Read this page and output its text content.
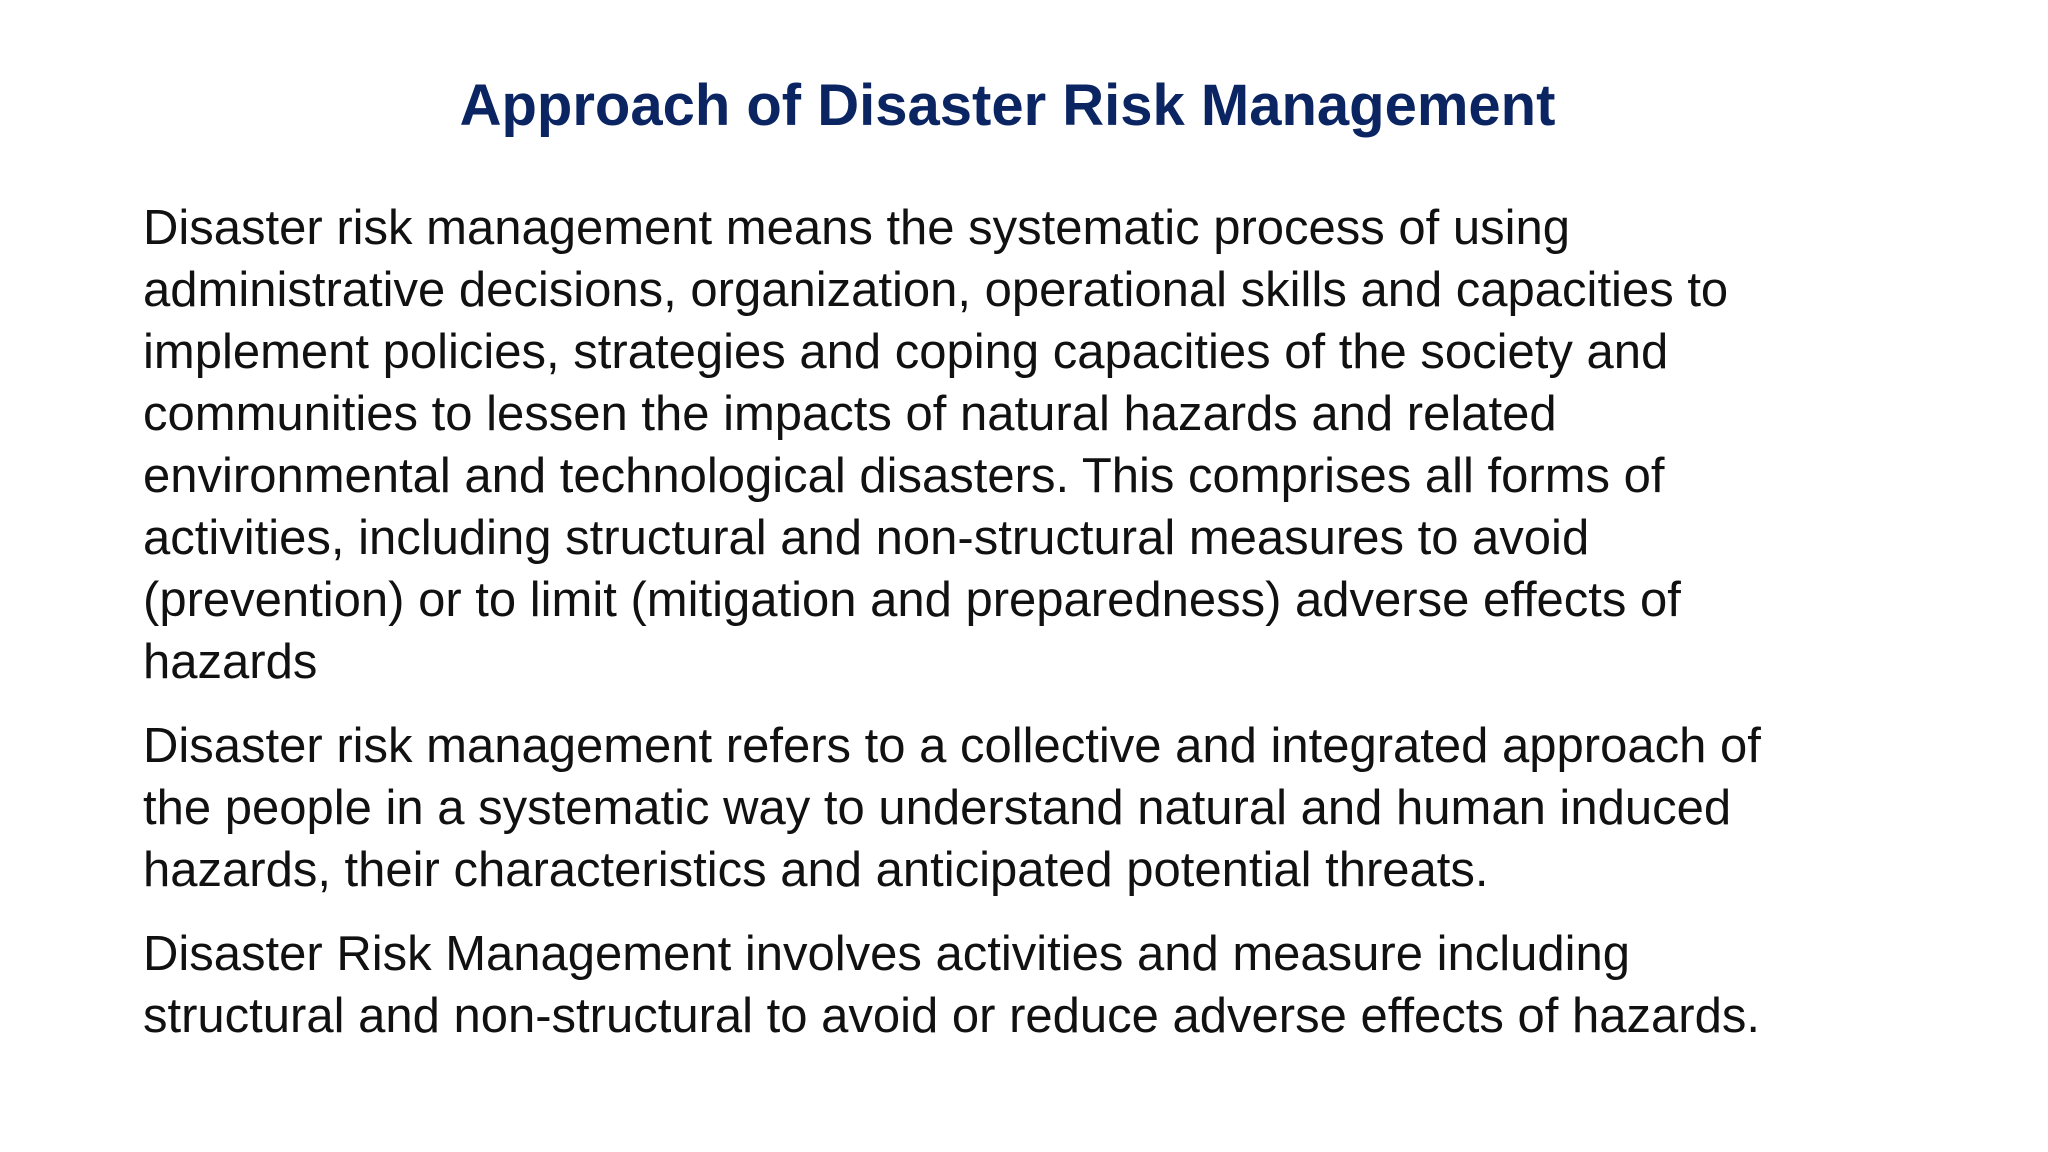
Approach of Disaster Risk Management

Disaster risk management means the systematic process of using
administrative decisions, organization, operational skills and capacities to
implement policies, strategies and coping capacities of the society and
communities to lessen the impacts of natural hazards and related
environmental and technological disasters. This comprises all forms of
activities, including structural and non-structural measures to avoid
(prevention) or to limit (mitigation and preparedness) adverse effects of
hazards

Disaster risk management refers to a collective and integrated approach of
the people in a systematic way to understand natural and human induced
hazards, their characteristics and anticipated potential threats.

Disaster Risk Management involves activities and measure including
structural and non-structural to avoid or reduce adverse effects of hazards.
